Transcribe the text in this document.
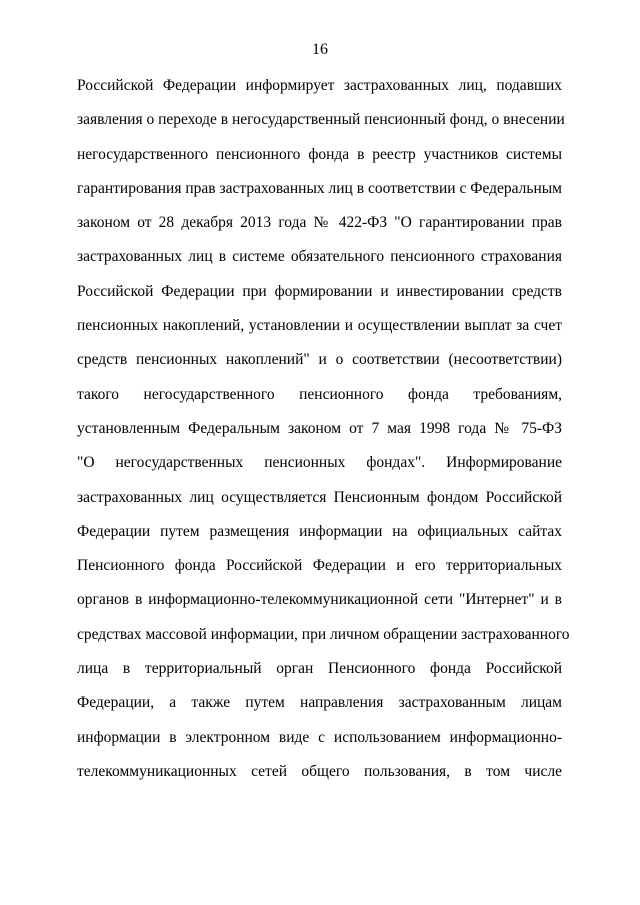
16
Российской Федерации информирует застрахованных лиц, подавших
заявления о переходе в негосударственный пенсионный фонд, о внесении
негосударственного пенсионного фонда в реестр участников системы
гарантирования прав застрахованных лиц в соответствии с Федеральным
законом от 28 декабря 2013 года № 422-ФЗ "О гарантировании прав
застрахованных лиц в системе обязательного пенсионного страхования
Российской Федерации при формировании и инвестировании средств
пенсионных накоплений, установлении и осуществлении выплат за счет
средств пенсионных накоплений" и о соответствии (несоответствии)
такого негосударственного пенсионного фонда требованиям,
установленным Федеральным законом от 7 мая 1998 года № 75-ФЗ
"О негосударственных пенсионных фондах". Информирование
застрахованных лиц осуществляется Пенсионным фондом Российской
Федерации путем размещения информации на официальных сайтах
Пенсионного фонда Российской Федерации и его территориальных
органов в информационно-телекоммуникационной сети "Интернет" и в
средствах массовой информации, при личном обращении застрахованного
лица в территориальный орган Пенсионного фонда Российской
Федерации, а также путем направления застрахованным лицам
информации в электронном виде с использованием информационно-
телекоммуникационных сетей общего пользования, в том числе
